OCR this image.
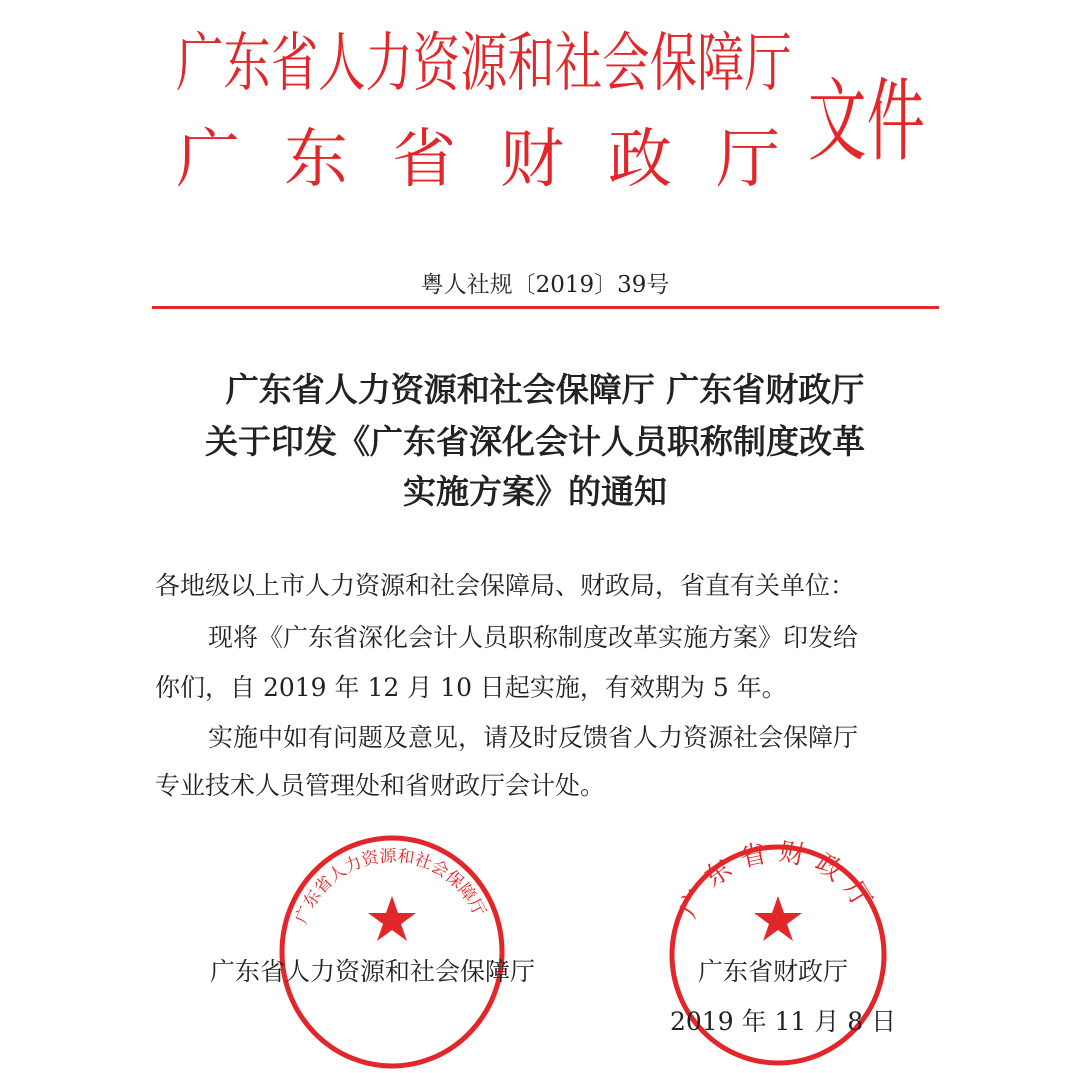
广东省人力资源和社会保障厅	广东省财政厅
广东省人力资源和社会保障厅
广东省财政厅
文件
粤人社规〔2019〕39号
广东省人力资源和社会保障厅 广东省财政厅
关于印发《广东省深化会计人员职称制度改革
实施方案》的通知
各地级以上市人力资源和社会保障局、财政局，省直有关单位：
现将《广东省深化会计人员职称制度改革实施方案》印发给
你们，自 2019 年 12 月 10 日起实施，有效期为 5 年。
实施中如有问题及意见，请及时反馈省人力资源社会保障厅
专业技术人员管理处和省财政厅会计处。
广东省人力资源和社会保障厅	广东省财政厅
2019 年 11 月 8 日
